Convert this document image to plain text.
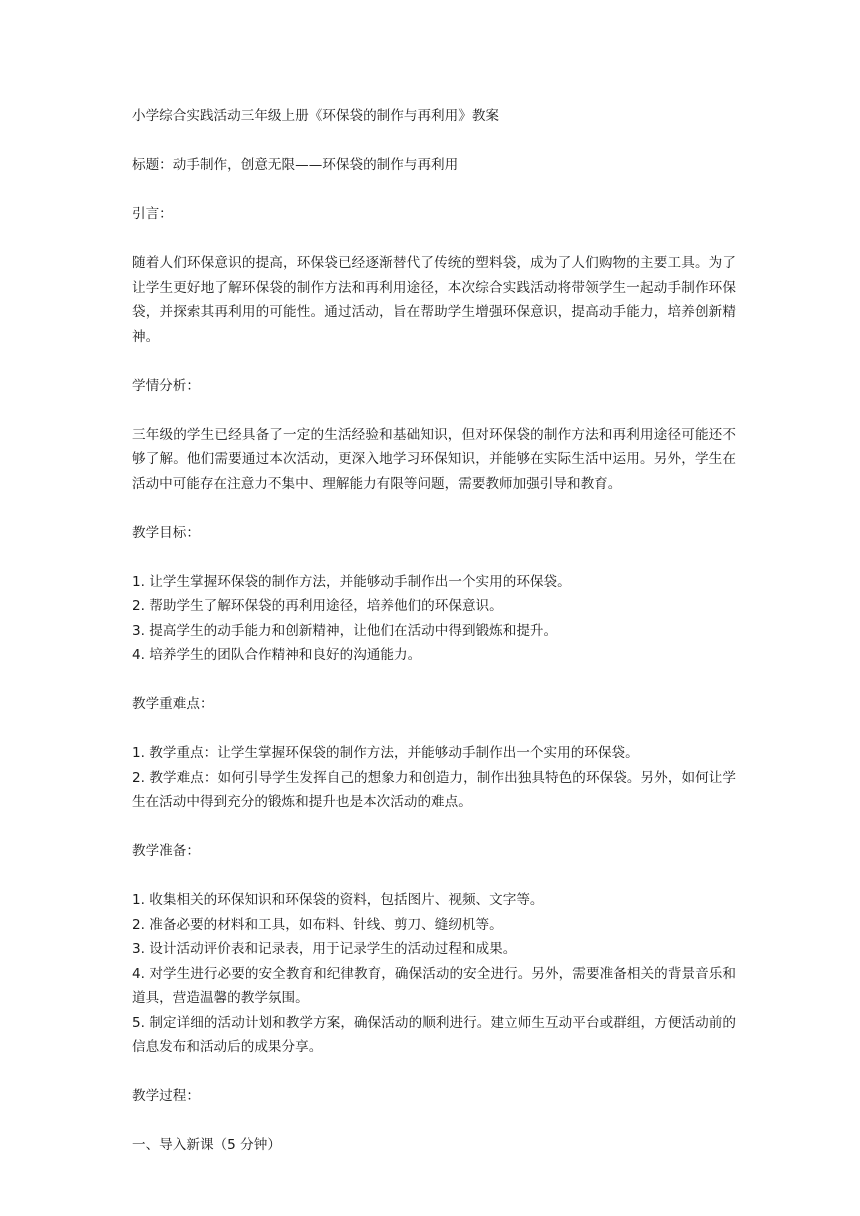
小学综合实践活动三年级上册《环保袋的制作与再利用》教案

标题：动手制作，创意无限——环保袋的制作与再利用

引言：

随着人们环保意识的提高，环保袋已经逐渐替代了传统的塑料袋，成为了人们购物的主要工具。为了让学生更好地了解环保袋的制作方法和再利用途径，本次综合实践活动将带领学生一起动手制作环保袋，并探索其再利用的可能性。通过活动，旨在帮助学生增强环保意识，提高动手能力，培养创新精神。

学情分析：

三年级的学生已经具备了一定的生活经验和基础知识，但对环保袋的制作方法和再利用途径可能还不够了解。他们需要通过本次活动，更深入地学习环保知识，并能够在实际生活中运用。另外，学生在活动中可能存在注意力不集中、理解能力有限等问题，需要教师加强引导和教育。

教学目标：

1. 让学生掌握环保袋的制作方法，并能够动手制作出一个实用的环保袋。

2. 帮助学生了解环保袋的再利用途径，培养他们的环保意识。

3. 提高学生的动手能力和创新精神，让他们在活动中得到锻炼和提升。

4. 培养学生的团队合作精神和良好的沟通能力。

教学重难点：

1. 教学重点：让学生掌握环保袋的制作方法，并能够动手制作出一个实用的环保袋。

2. 教学难点：如何引导学生发挥自己的想象力和创造力，制作出独具特色的环保袋。另外，如何让学生在活动中得到充分的锻炼和提升也是本次活动的难点。

教学准备：

1. 收集相关的环保知识和环保袋的资料，包括图片、视频、文字等。

2. 准备必要的材料和工具，如布料、针线、剪刀、缝纫机等。

3. 设计活动评价表和记录表，用于记录学生的活动过程和成果。

4. 对学生进行必要的安全教育和纪律教育，确保活动的安全进行。另外，需要准备相关的背景音乐和道具，营造温馨的教学氛围。

5. 制定详细的活动计划和教学方案，确保活动的顺利进行。建立师生互动平台或群组，方便活动前的信息发布和活动后的成果分享。

教学过程：

一、导入新课（5 分钟）
